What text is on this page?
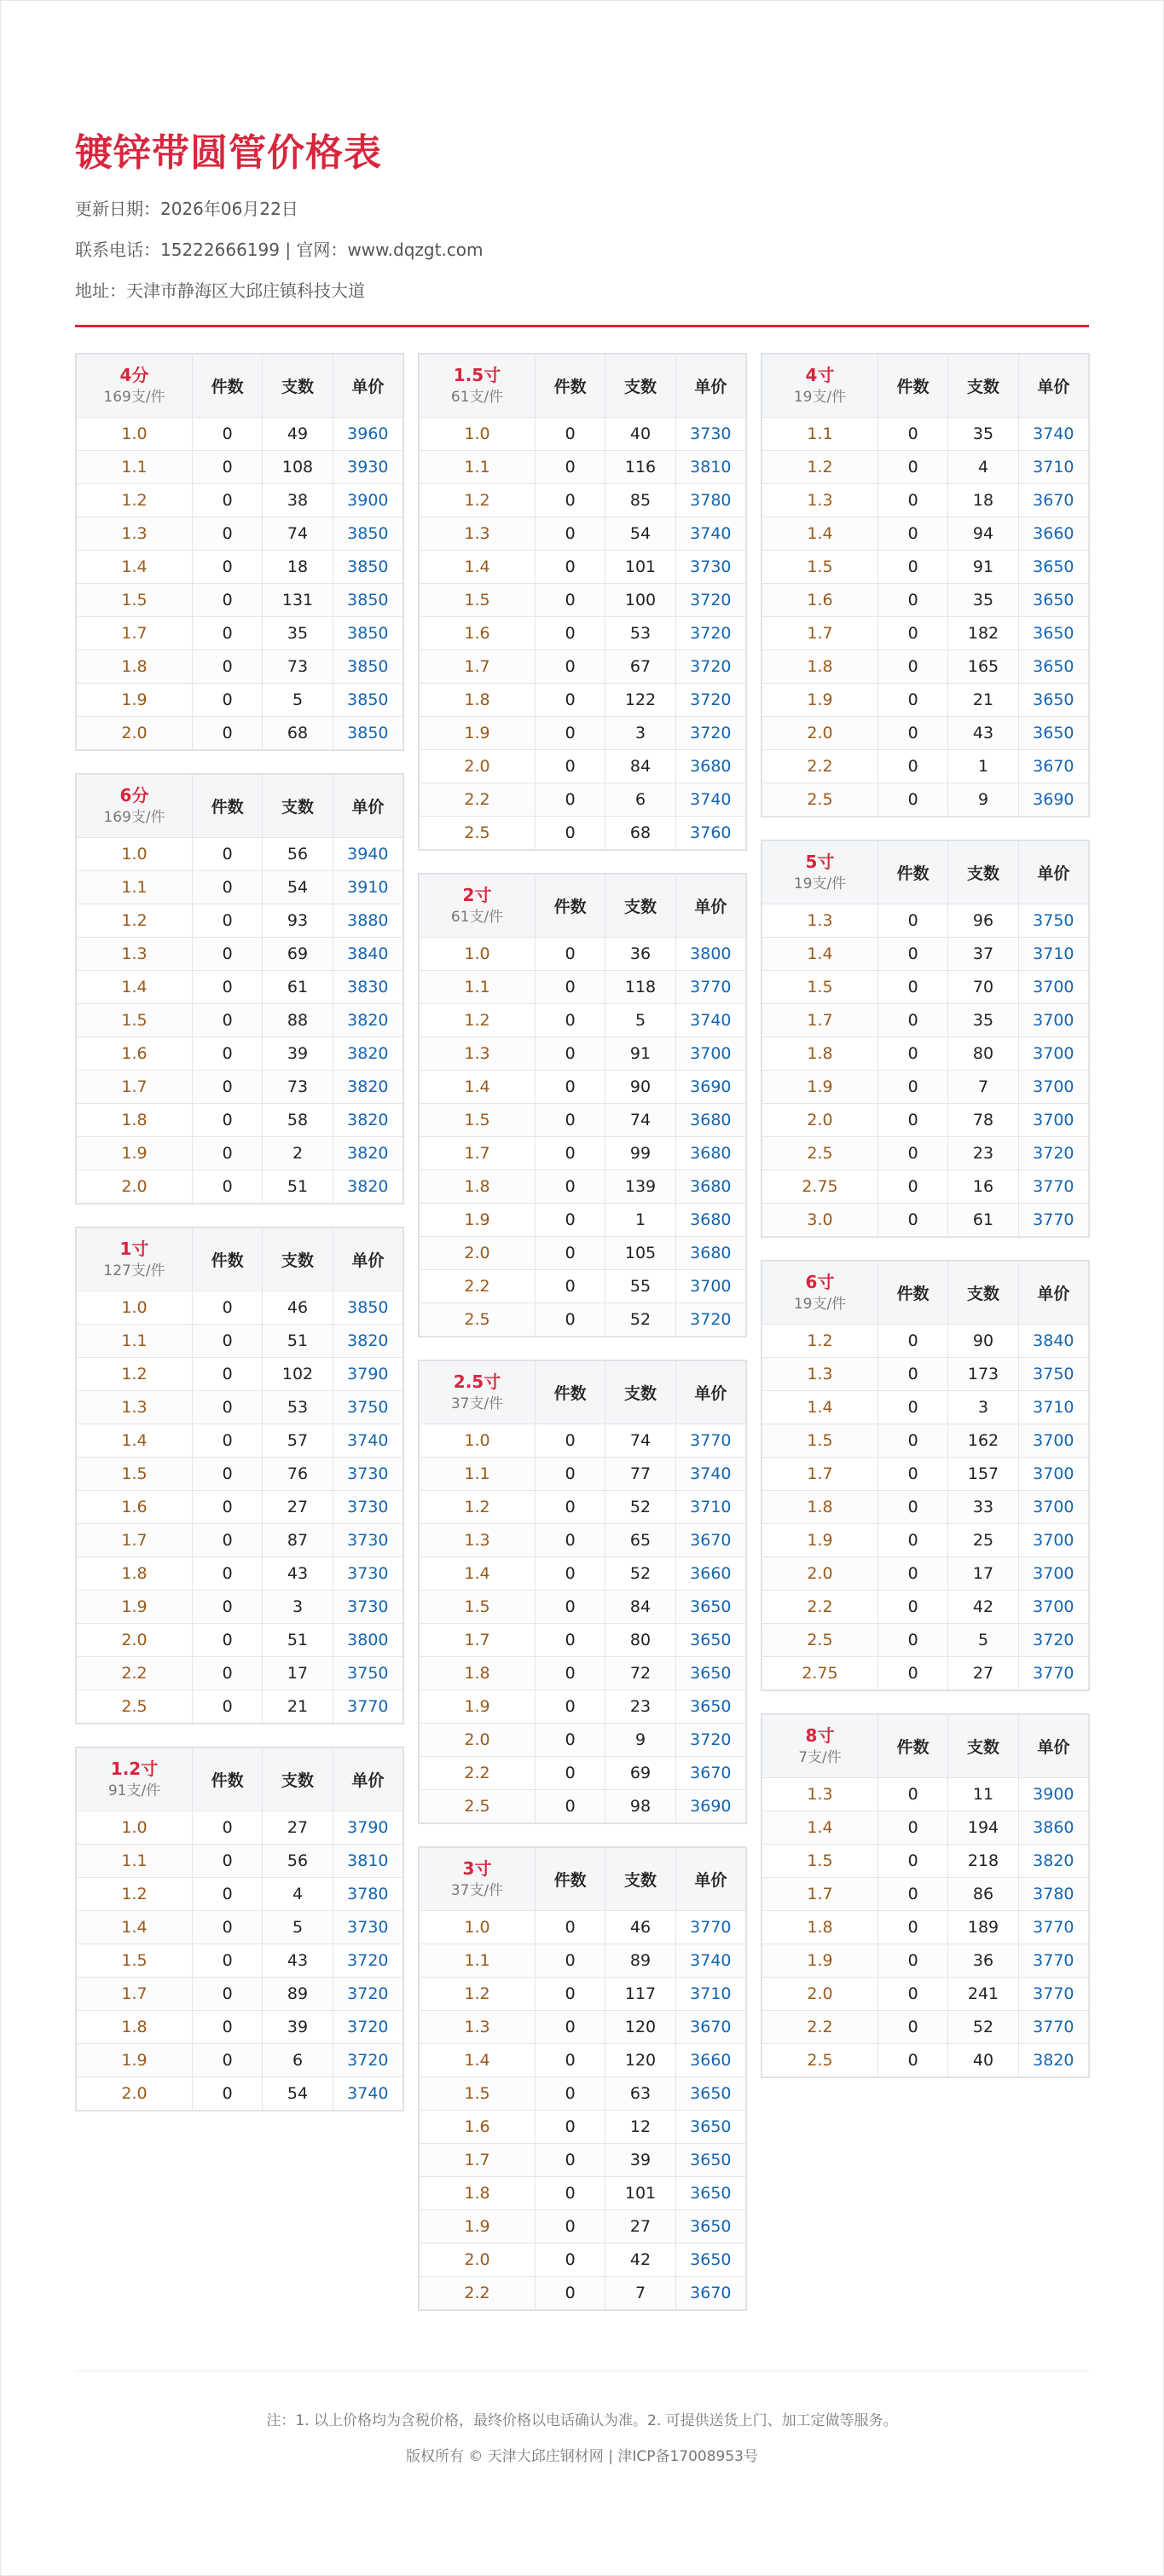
镀锌带圆管价格表
更新日期：2026年06月22日
联系电话：15222666199 | 官网：www.dqzgt.com
地址：天津市静海区大邱庄镇科技大道
4分
169支/件	件数	支数	单价
1.0	0	49	3960
1.1	0	108	3930
1.2	0	38	3900
1.3	0	74	3850
1.4	0	18	3850
1.5	0	131	3850
1.7	0	35	3850
1.8	0	73	3850
1.9	0	5	3850
2.0	0	68	3850
6分
169支/件	件数	支数	单价
1.0	0	56	3940
1.1	0	54	3910
1.2	0	93	3880
1.3	0	69	3840
1.4	0	61	3830
1.5	0	88	3820
1.6	0	39	3820
1.7	0	73	3820
1.8	0	58	3820
1.9	0	2	3820
2.0	0	51	3820
1寸
127支/件	件数	支数	单价
1.0	0	46	3850
1.1	0	51	3820
1.2	0	102	3790
1.3	0	53	3750
1.4	0	57	3740
1.5	0	76	3730
1.6	0	27	3730
1.7	0	87	3730
1.8	0	43	3730
1.9	0	3	3730
2.0	0	51	3800
2.2	0	17	3750
2.5	0	21	3770
1.2寸
91支/件	件数	支数	单价
1.0	0	27	3790
1.1	0	56	3810
1.2	0	4	3780
1.4	0	5	3730
1.5	0	43	3720
1.7	0	89	3720
1.8	0	39	3720
1.9	0	6	3720
2.0	0	54	3740
1.5寸
61支/件	件数	支数	单价
1.0	0	40	3730
1.1	0	116	3810
1.2	0	85	3780
1.3	0	54	3740
1.4	0	101	3730
1.5	0	100	3720
1.6	0	53	3720
1.7	0	67	3720
1.8	0	122	3720
1.9	0	3	3720
2.0	0	84	3680
2.2	0	6	3740
2.5	0	68	3760
2寸
61支/件	件数	支数	单价
1.0	0	36	3800
1.1	0	118	3770
1.2	0	5	3740
1.3	0	91	3700
1.4	0	90	3690
1.5	0	74	3680
1.7	0	99	3680
1.8	0	139	3680
1.9	0	1	3680
2.0	0	105	3680
2.2	0	55	3700
2.5	0	52	3720
2.5寸
37支/件	件数	支数	单价
1.0	0	74	3770
1.1	0	77	3740
1.2	0	52	3710
1.3	0	65	3670
1.4	0	52	3660
1.5	0	84	3650
1.7	0	80	3650
1.8	0	72	3650
1.9	0	23	3650
2.0	0	9	3720
2.2	0	69	3670
2.5	0	98	3690
3寸
37支/件	件数	支数	单价
1.0	0	46	3770
1.1	0	89	3740
1.2	0	117	3710
1.3	0	120	3670
1.4	0	120	3660
1.5	0	63	3650
1.6	0	12	3650
1.7	0	39	3650
1.8	0	101	3650
1.9	0	27	3650
2.0	0	42	3650
2.2	0	7	3670
4寸
19支/件	件数	支数	单价
1.1	0	35	3740
1.2	0	4	3710
1.3	0	18	3670
1.4	0	94	3660
1.5	0	91	3650
1.6	0	35	3650
1.7	0	182	3650
1.8	0	165	3650
1.9	0	21	3650
2.0	0	43	3650
2.2	0	1	3670
2.5	0	9	3690
5寸
19支/件	件数	支数	单价
1.3	0	96	3750
1.4	0	37	3710
1.5	0	70	3700
1.7	0	35	3700
1.8	0	80	3700
1.9	0	7	3700
2.0	0	78	3700
2.5	0	23	3720
2.75	0	16	3770
3.0	0	61	3770
6寸
19支/件	件数	支数	单价
1.2	0	90	3840
1.3	0	173	3750
1.4	0	3	3710
1.5	0	162	3700
1.7	0	157	3700
1.8	0	33	3700
1.9	0	25	3700
2.0	0	17	3700
2.2	0	42	3700
2.5	0	5	3720
2.75	0	27	3770
8寸
7支/件	件数	支数	单价
1.3	0	11	3900
1.4	0	194	3860
1.5	0	218	3820
1.7	0	86	3780
1.8	0	189	3770
1.9	0	36	3770
2.0	0	241	3770
2.2	0	52	3770
2.5	0	40	3820
注：1. 以上价格均为含税价格，最终价格以电话确认为准。2. 可提供送货上门、加工定做等服务。
版权所有 © 天津大邱庄钢材网 | 津ICP备17008953号
